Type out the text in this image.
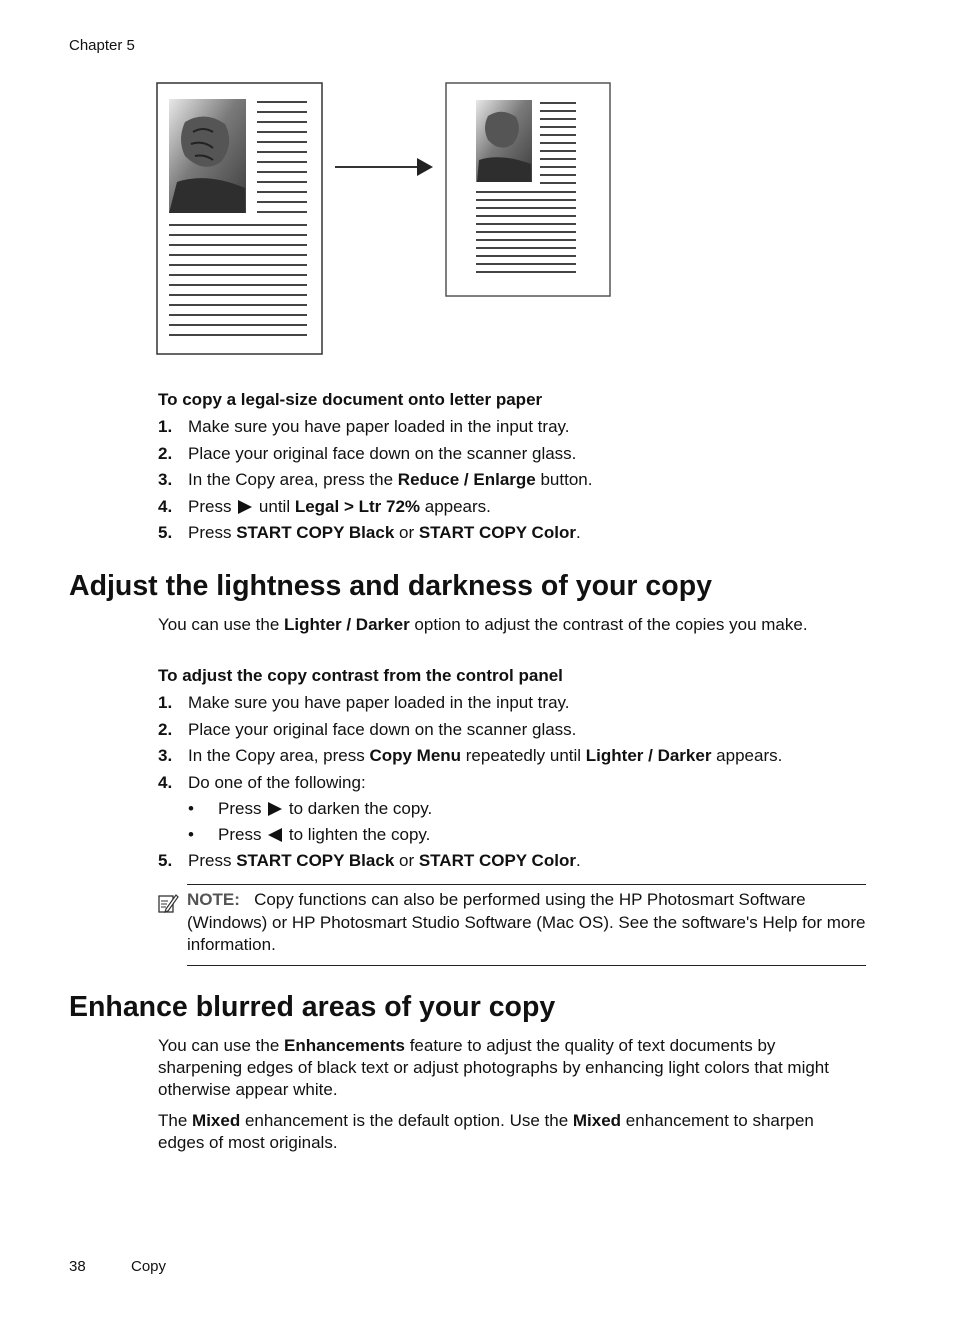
Chapter 5
To copy a legal-size document onto letter paper
1. Make sure you have paper loaded in the input tray.
2. Place your original face down on the scanner glass.
3. In the Copy area, press the Reduce / Enlarge button.
4. Press  until Legal > Ltr 72% appears.
5. Press START COPY Black or START COPY Color.
Adjust the lightness and darkness of your copy

You can use the Lighter / Darker option to adjust the contrast of the copies you make.

To adjust the copy contrast from the control panel
1. Make sure you have paper loaded in the input tray.
2. Place your original face down on the scanner glass.
3. In the Copy area, press Copy Menu repeatedly until Lighter / Darker appears.
4. Do one of the following:
• Press  to darken the copy.
• Press  to lighten the copy.
5. Press START COPY Black or START COPY Color.

NOTE: Copy functions can also be performed using the HP Photosmart Software (Windows) or HP Photosmart Studio Software (Mac OS). See the software's Help for more information.

Enhance blurred areas of your copy

You can use the Enhancements feature to adjust the quality of text documents by sharpening edges of black text or adjust photographs by enhancing light colors that might otherwise appear white.

The Mixed enhancement is the default option. Use the Mixed enhancement to sharpen edges of most originals.

38	Copy
